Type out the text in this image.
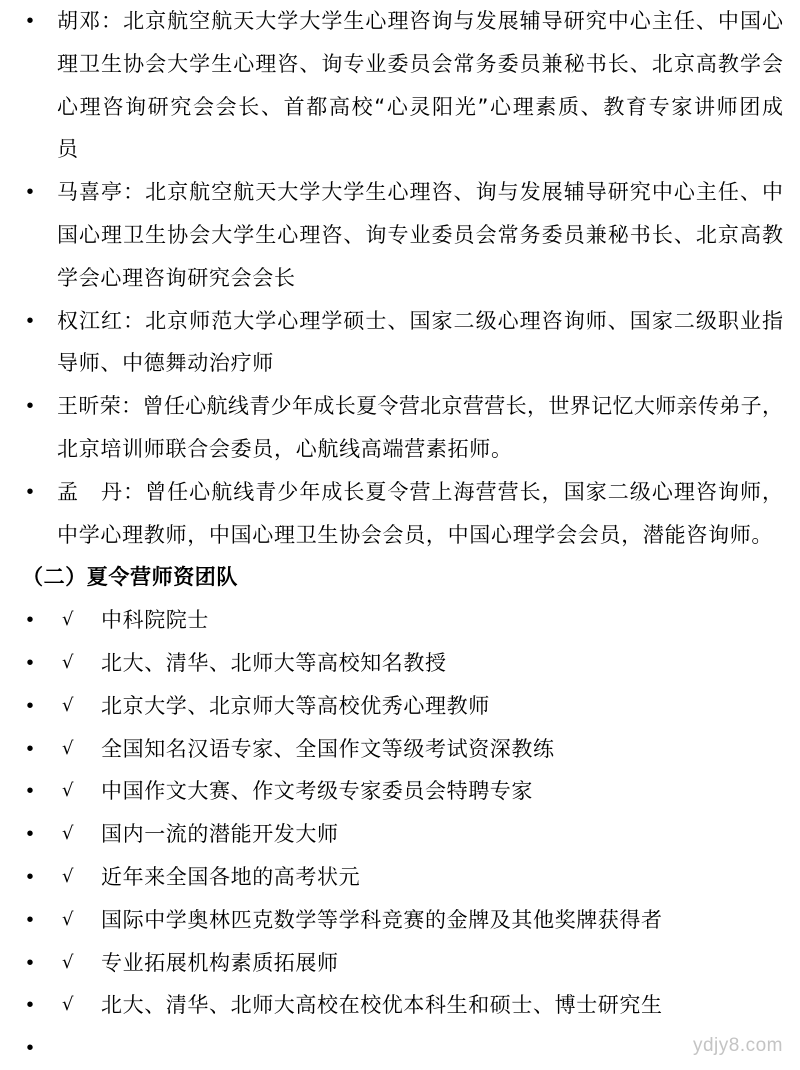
• 胡邓：北京航空航天大学大学生心理咨询与发展辅导研究中心主任、中国心
理卫生协会大学生心理咨、询专业委员会常务委员兼秘书长、北京高教学会
心理咨询研究会会长、首都高校“心灵阳光”心理素质、教育专家讲师团成
员
• 马喜亭：北京航空航天大学大学生心理咨、询与发展辅导研究中心主任、中
国心理卫生协会大学生心理咨、询专业委员会常务委员兼秘书长、北京高教
学会心理咨询研究会会长
• 权江红：北京师范大学心理学硕士、国家二级心理咨询师、国家二级职业指
导师、中德舞动治疗师
• 王昕荣：曾任心航线青少年成长夏令营北京营营长，世界记忆大师亲传弟子，
北京培训师联合会委员，心航线高端营素拓师。
• 孟　丹：曾任心航线青少年成长夏令营上海营营长，国家二级心理咨询师，
中学心理教师，中国心理卫生协会会员，中国心理学会会员，潜能咨询师。
（二）夏令营师资团队
• √ 中科院院士
• √ 北大、清华、北师大等高校知名教授
• √ 北京大学、北京师大等高校优秀心理教师
• √ 全国知名汉语专家、全国作文等级考试资深教练
• √ 中国作文大赛、作文考级专家委员会特聘专家
• √ 国内一流的潜能开发大师
• √ 近年来全国各地的高考状元
• √ 国际中学奥林匹克数学等学科竞赛的金牌及其他奖牌获得者
• √ 专业拓展机构素质拓展师
• √ 北大、清华、北师大高校在校优本科生和硕士、博士研究生
•	ydjy8.com
